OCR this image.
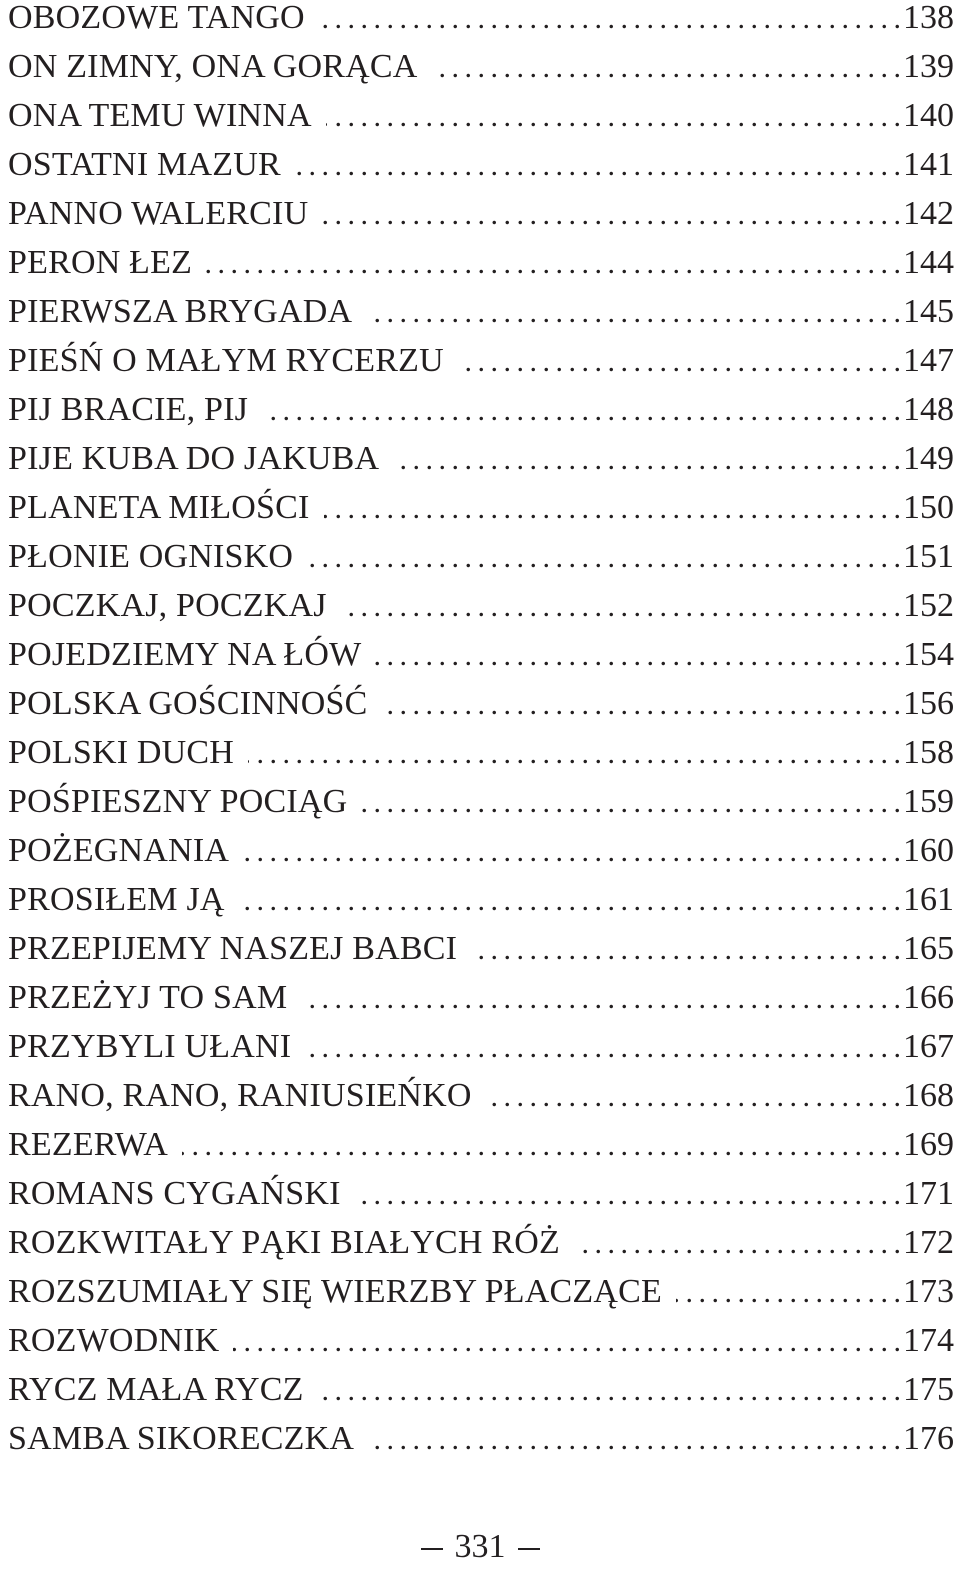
OBOZOWE TANGO . . .	138
ON ZIMNY, ONA GORĄCA . . .	139
ONA TEMU WINNA . . .	140
OSTATNI MAZUR . . .	141
PANNO WALERCIU . . .	142
PERON ŁEZ . . .	144
PIERWSZA BRYGADA . . .	145
PIEŚŃ O MAŁYM RYCERZU . . .	147
PIJ BRACIE, PIJ . . .	148
PIJE KUBA DO JAKUBA . . .	149
PLANETA MIŁOŚCI . . .	150
PŁONIE OGNISKO . . .	151
POCZKAJ, POCZKAJ . . .	152
POJEDZIEMY NA ŁÓW . . .	154
POLSKA GOŚCINNOŚĆ . . .	156
POLSKI DUCH . . .	158
POŚPIESZNY POCIĄG . . .	159
POŻEGNANIA . . .	160
PROSIŁEM JĄ . . .	161
PRZEPIJEMY NASZEJ BABCI . . .	165
PRZEŻYJ TO SAM . . .	166
PRZYBYLI UŁANI . . .	167
RANO, RANO, RANIUSIEŃKO . . .	168
REZERWA . . .	169
ROMANS CYGAŃSKI . . .	171
ROZKWITAŁY PĄKI BIAŁYCH RÓŻ . . .	172
ROZSZUMIAŁY SIĘ WIERZBY PŁACZĄCE . . .	173
ROZWODNIK . . .	174
RYCZ MAŁA RYCZ . . .	175
SAMBA SIKORECZKA . . .	176
331
